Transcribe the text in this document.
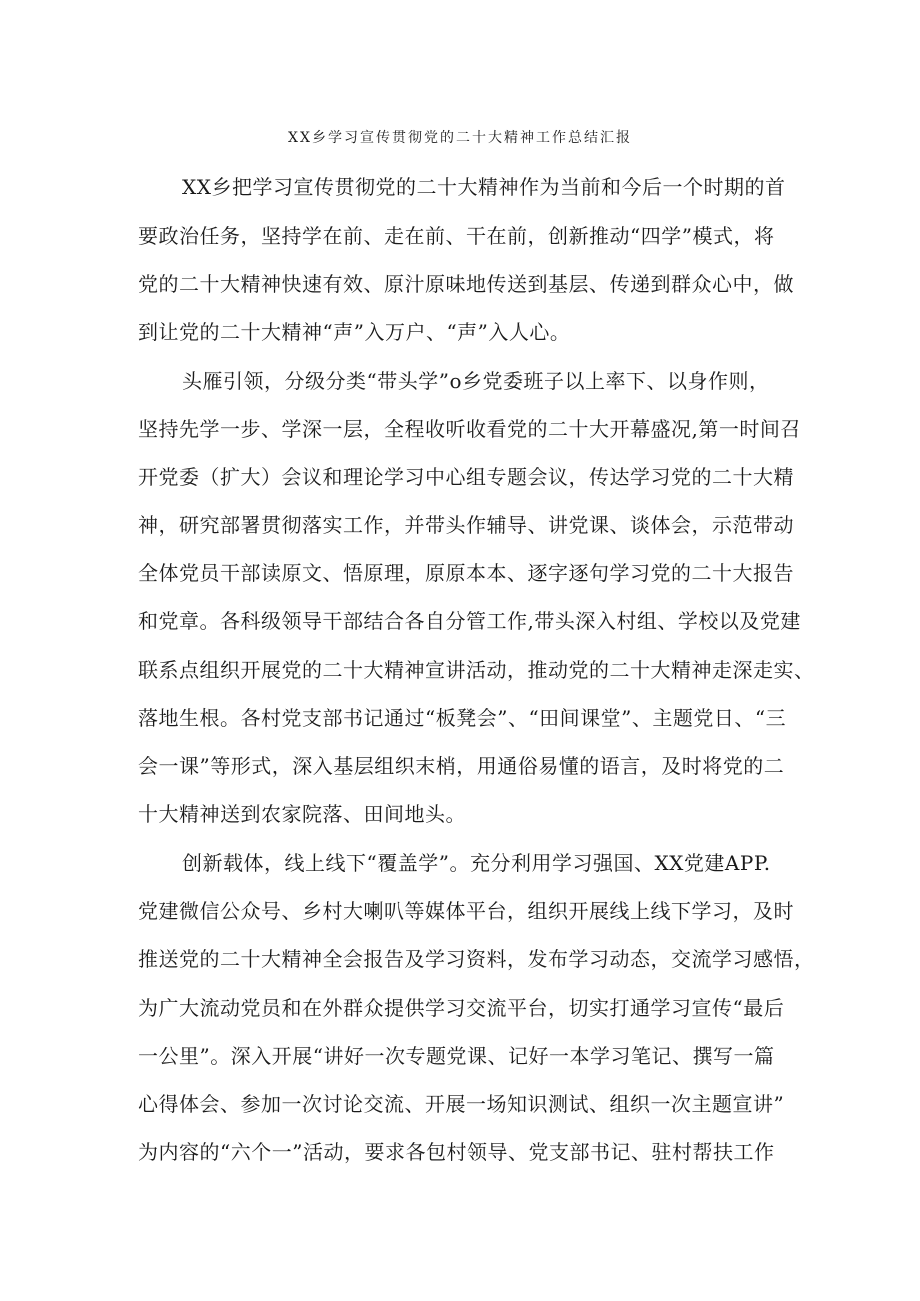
XX乡学习宣传贯彻党的二十大精神工作总结汇报
XX乡把学习宣传贯彻党的二十大精神作为当前和今后一个时期的首
要政治任务，坚持学在前、走在前、干在前，创新推动“四学”模式，将
党的二十大精神快速有效、原汁原味地传送到基层、传递到群众心中，做
到让党的二十大精神“声”入万户、“声”入人心。
头雁引领，分级分类“带头学”o乡党委班子以上率下、以身作则，
坚持先学一步、学深一层，全程收听收看党的二十大开幕盛况,第一时间召
开党委（扩大）会议和理论学习中心组专题会议，传达学习党的二十大精
神，研究部署贯彻落实工作，并带头作辅导、讲党课、谈体会，示范带动
全体党员干部读原文、悟原理，原原本本、逐字逐句学习党的二十大报告
和党章。各科级领导干部结合各自分管工作,带头深入村组、学校以及党建
联系点组织开展党的二十大精神宣讲活动，推动党的二十大精神走深走实、
落地生根。各村党支部书记通过“板凳会”、“田间课堂”、主题党日、“三
会一课”等形式，深入基层组织末梢，用通俗易懂的语言，及时将党的二
十大精神送到农家院落、田间地头。
创新载体，线上线下“覆盖学”。充分利用学习强国、XX党建APP.
党建微信公众号、乡村大喇叭等媒体平台，组织开展线上线下学习，及时
推送党的二十大精神全会报告及学习资料，发布学习动态，交流学习感悟，
为广大流动党员和在外群众提供学习交流平台，切实打通学习宣传“最后
一公里”。深入开展“讲好一次专题党课、记好一本学习笔记、撰写一篇
心得体会、参加一次讨论交流、开展一场知识测试、组织一次主题宣讲”
为内容的“六个一”活动，要求各包村领导、党支部书记、驻村帮扶工作
